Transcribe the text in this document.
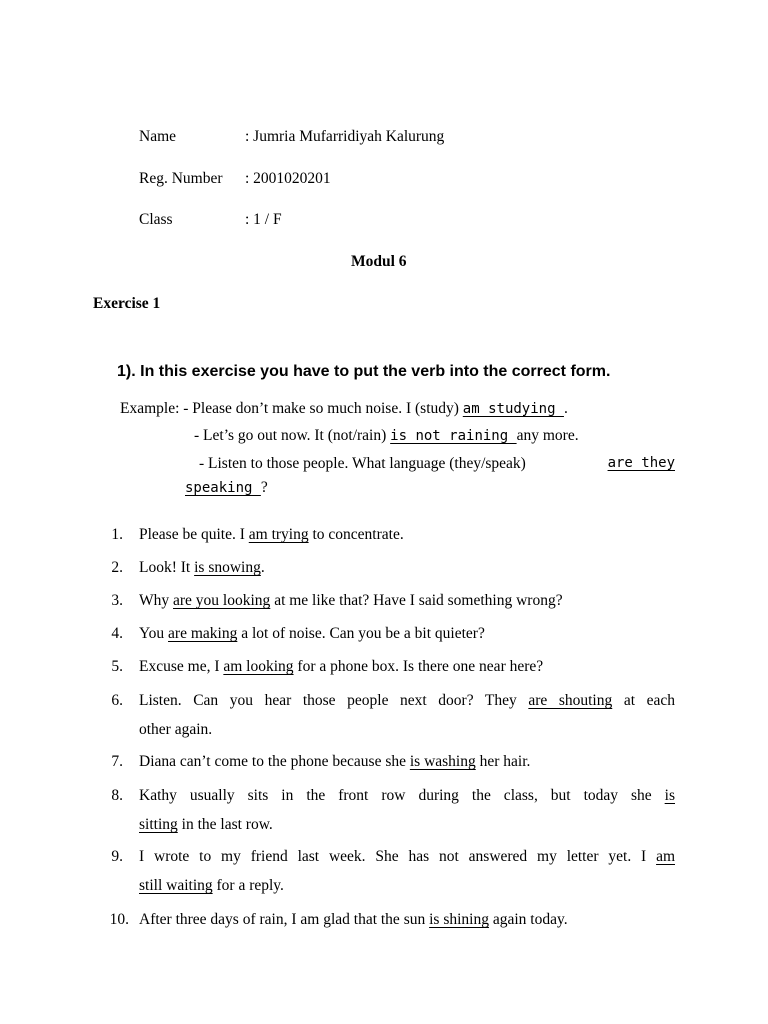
Name	: Jumria Mufarridiyah Kalurung
Reg. Number : 2001020201
Class	: 1 / F
Modul 6
Exercise 1
1). In this exercise you have to put the verb into the correct form.
Example: - Please don’t make so much noise. I (study) am studying .
- Let’s go out now. It (not/rain) is not raining any more.
- Listen to those people. What language (they/speak)	are they
speaking ?
1. Please be quite. I am trying to concentrate.
2. Look! It is snowing.
3. Why are you looking at me like that? Have I said something wrong?
4. You are making a lot of noise. Can you be a bit quieter?
5. Excuse me, I am looking for a phone box. Is there one near here?
6. Listen. Can you hear those people next door? They are shouting at each
other again.
7. Diana can’t come to the phone because she is washing her hair.
8. Kathy usually sits in the front row during the class, but today she is
sitting in the last row.
9. I wrote to my friend last week. She has not answered my letter yet. I am
still waiting for a reply.
10. After three days of rain, I am glad that the sun is shining again today.
